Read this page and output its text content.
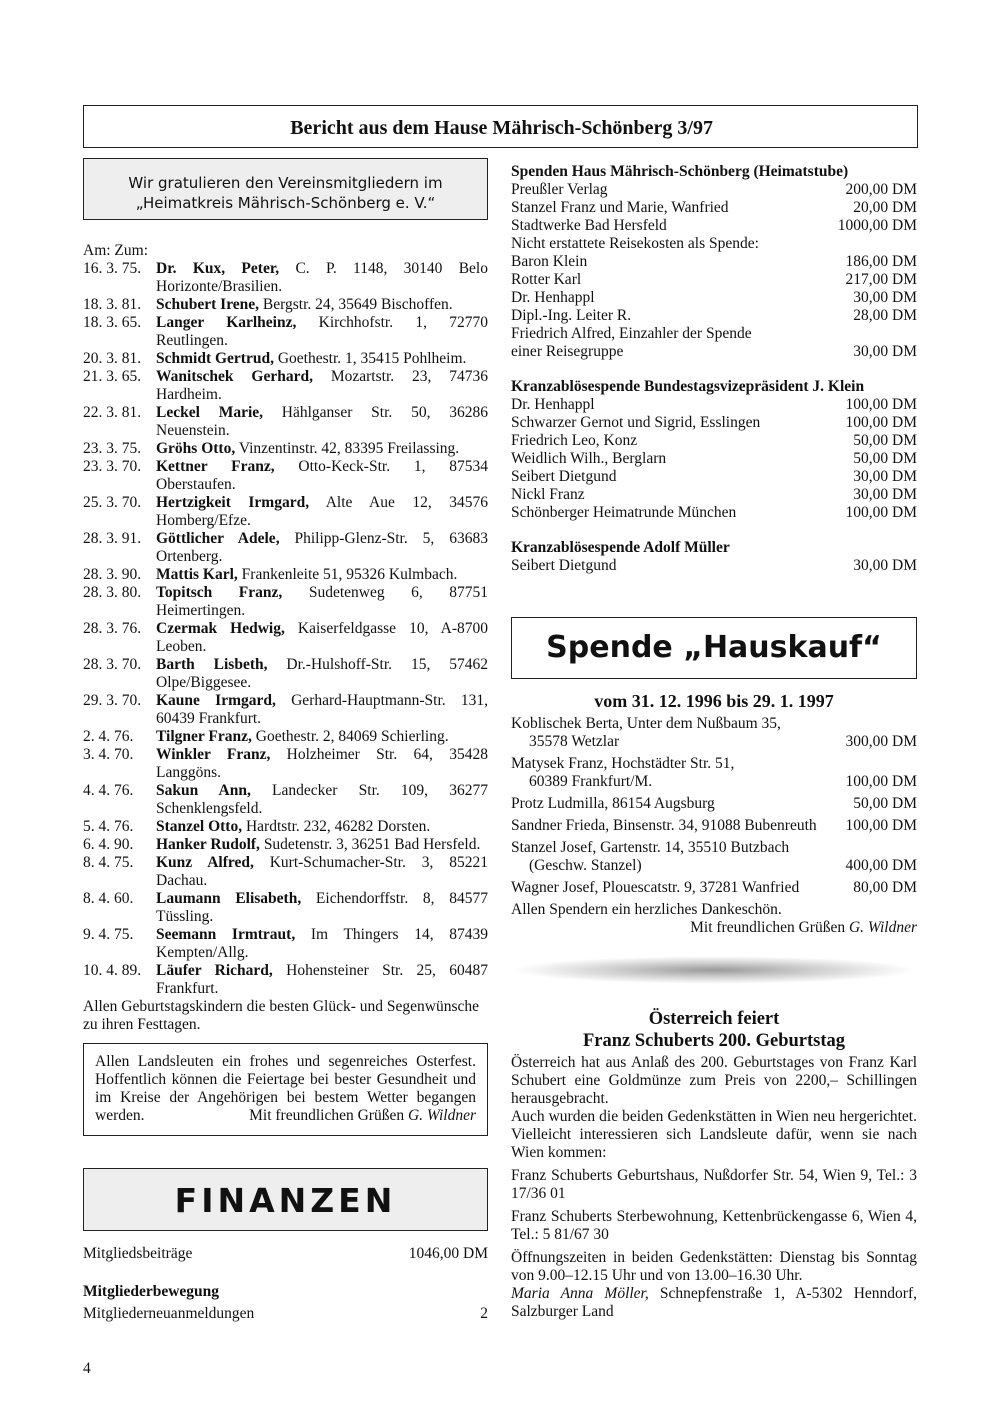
Bericht aus dem Hause Mährisch-Schönberg 3/97
Wir gratulieren den Vereinsmitgliedern im
„Heimatkreis Mährisch-Schönberg e. V.“
Am: Zum:
16. 3. 75. Dr. Kux, Peter, C. P. 1148, 30140 Belo Horizonte/Brasilien.
18. 3. 81. Schubert Irene, Bergstr. 24, 35649 Bischoffen.
18. 3. 65. Langer Karlheinz, Kirchhofstr. 1, 72770 Reutlingen.
20. 3. 81. Schmidt Gertrud, Goethestr. 1, 35415 Pohlheim.
21. 3. 65. Wanitschek Gerhard, Mozartstr. 23, 74736 Hardheim.
22. 3. 81. Leckel Marie, Hählganser Str. 50, 36286 Neuenstein.
23. 3. 75. Gröhs Otto, Vinzentinstr. 42, 83395 Freilassing.
23. 3. 70. Kettner Franz, Otto-Keck-Str. 1, 87534 Oberstaufen.
25. 3. 70. Hertzigkeit Irmgard, Alte Aue 12, 34576 Homberg/Efze.
28. 3. 91. Göttlicher Adele, Philipp-Glenz-Str. 5, 63683 Ortenberg.
28. 3. 90. Mattis Karl, Frankenleite 51, 95326 Kulmbach.
28. 3. 80. Topitsch Franz, Sudetenweg 6, 87751 Heimertingen.
28. 3. 76. Czermak Hedwig, Kaiserfeldgasse 10, A-8700 Leoben.
28. 3. 70. Barth Lisbeth, Dr.-Hulshoff-Str. 15, 57462 Olpe/Biggesee.
29. 3. 70. Kaune Irmgard, Gerhard-Hauptmann-Str. 131, 60439 Frankfurt.
2. 4. 76. Tilgner Franz, Goethestr. 2, 84069 Schierling.
3. 4. 70. Winkler Franz, Holzheimer Str. 64, 35428 Langgöns.
4. 4. 76. Sakun Ann, Landecker Str. 109, 36277 Schenklengsfeld.
5. 4. 76. Stanzel Otto, Hardtstr. 232, 46282 Dorsten.
6. 4. 90. Hanker Rudolf, Sudetenstr. 3, 36251 Bad Hersfeld.
8. 4. 75. Kunz Alfred, Kurt-Schumacher-Str. 3, 85221 Dachau.
8. 4. 60. Laumann Elisabeth, Eichendorffstr. 8, 84577 Tüssling.
9. 4. 75. Seemann Irmtraut, Im Thingers 14, 87439 Kempten/Allg.
10. 4. 89. Läufer Richard, Hohensteiner Str. 25, 60487 Frankfurt.
Allen Geburtstagskindern die besten Glück- und Segenwünsche zu ihren Festtagen.
Allen Landsleuten ein frohes und segenreiches Osterfest. Hoffentlich können die Feiertage bei bester Gesundheit und im Kreise der Angehörigen bei bestem Wetter begangen werden.	Mit freundlichen Grüßen G. Wildner
FINANZEN
Mitgliedsbeiträge	1046,00 DM
Mitgliederbewegung
Mitgliederneuanmeldungen	2
4
Spenden Haus Mährisch-Schönberg (Heimatstube)
Preußler Verlag	200,00 DM
Stanzel Franz und Marie, Wanfried	20,00 DM
Stadtwerke Bad Hersfeld	1000,00 DM
Nicht erstattete Reisekosten als Spende:
Baron Klein	186,00 DM
Rotter Karl	217,00 DM
Dr. Henhappl	30,00 DM
Dipl.-Ing. Leiter R.	28,00 DM
Friedrich Alfred, Einzahler der Spende
einer Reisegruppe	30,00 DM
Kranzablösespende Bundestagsvizepräsident J. Klein
Dr. Henhappl	100,00 DM
Schwarzer Gernot und Sigrid, Esslingen	100,00 DM
Friedrich Leo, Konz	50,00 DM
Weidlich Wilh., Berglarn	50,00 DM
Seibert Dietgund	30,00 DM
Nickl Franz	30,00 DM
Schönberger Heimatrunde München	100,00 DM
Kranzablösespende Adolf Müller
Seibert Dietgund	30,00 DM
Spende „Hauskauf“
vom 31. 12. 1996 bis 29. 1. 1997
Koblischek Berta, Unter dem Nußbaum 35,
35578 Wetzlar	300,00 DM
Matysek Franz, Hochstädter Str. 51,
60389 Frankfurt/M.	100,00 DM
Protz Ludmilla, 86154 Augsburg	50,00 DM
Sandner Frieda, Binsenstr. 34, 91088 Bubenreuth 100,00 DM
Stanzel Josef, Gartenstr. 14, 35510 Butzbach
(Geschw. Stanzel)	400,00 DM
Wagner Josef, Plouescatstr. 9, 37281 Wanfried	80,00 DM
Allen Spendern ein herzliches Dankeschön.
Mit freundlichen Grüßen G. Wildner
Österreich feiert
Franz Schuberts 200. Geburtstag
Österreich hat aus Anlaß des 200. Geburtstages von Franz Karl Schubert eine Goldmünze zum Preis von 2200,– Schillingen herausgebracht.
Auch wurden die beiden Gedenkstätten in Wien neu hergerichtet. Vielleicht interessieren sich Landsleute dafür, wenn sie nach Wien kommen:
Franz Schuberts Geburtshaus, Nußdorfer Str. 54, Wien 9, Tel.: 3 17/36 01
Franz Schuberts Sterbewohnung, Kettenbrückengasse 6, Wien 4, Tel.: 5 81/67 30
Öffnungszeiten in beiden Gedenkstätten: Dienstag bis Sonntag von 9.00–12.15 Uhr und von 13.00–16.30 Uhr.
Maria Anna Möller, Schnepfenstraße 1, A-5302 Henndorf, Salzburger Land
